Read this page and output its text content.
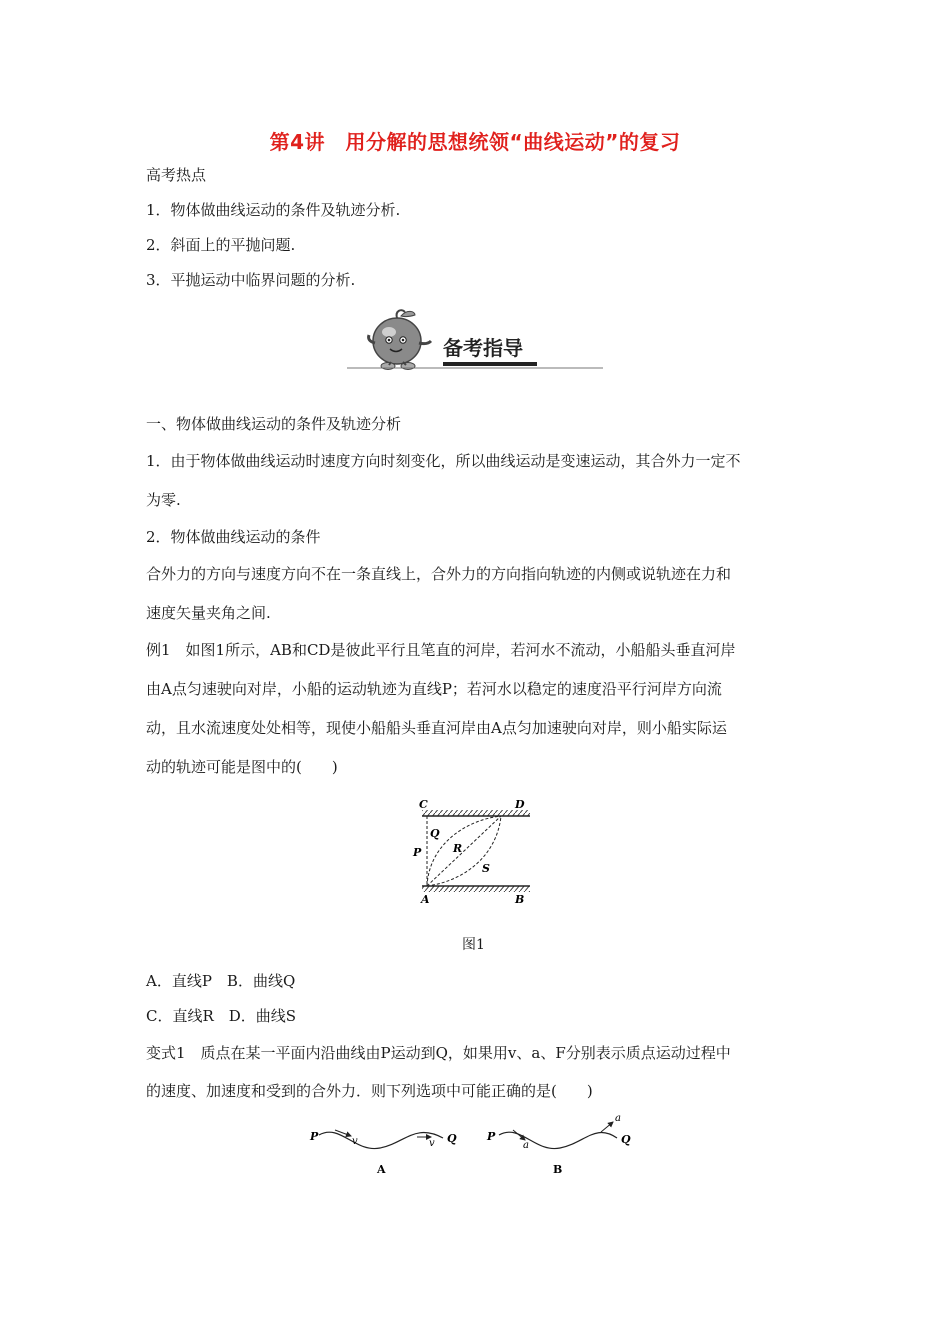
第4讲　用分解的思想统领“曲线运动”的复习
高考热点
1．物体做曲线运动的条件及轨迹分析.
2．斜面上的平抛问题.
3．平抛运动中临界问题的分析.
备考指导
一、物体做曲线运动的条件及轨迹分析
1．由于物体做曲线运动时速度方向时刻变化，所以曲线运动是变速运动，其合外力一定不
为零.
2．物体做曲线运动的条件
合外力的方向与速度方向不在一条直线上，合外力的方向指向轨迹的内侧或说轨迹在力和
速度矢量夹角之间.
例1　如图1所示，AB和CD是彼此平行且笔直的河岸，若河水不流动，小船船头垂直河岸
由A点匀速驶向对岸，小船的运动轨迹为直线P；若河水以稳定的速度沿平行河岸方向流
动，且水流速度处处相等，现使小船船头垂直河岸由A点匀加速驶向对岸，则小船实际运
动的轨迹可能是图中的(　　)
C	D
A	B
P
Q
R
S
图1
A．直线P　B．曲线Q
C．直线R　D．曲线S
变式1　质点在某一平面内沿曲线由P运动到Q，如果用v、a、F分别表示质点运动过程中
的速度、加速度和受到的合外力．则下列选项中可能正确的是(　　)
P	Q
v	v
A
P	Q
a
a
B
